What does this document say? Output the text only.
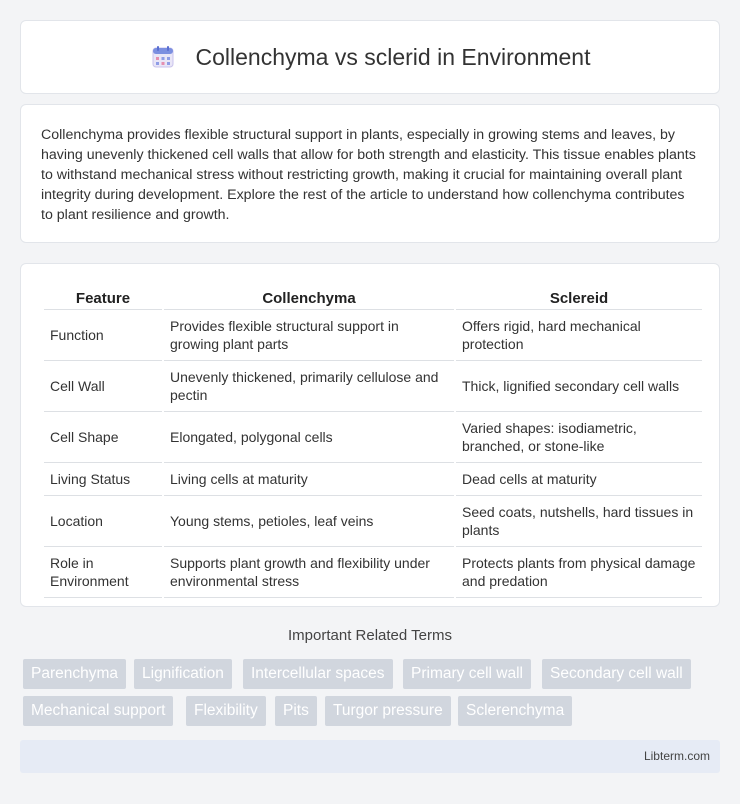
Collenchyma vs sclerid in Environment

Collenchyma provides flexible structural support in plants, especially in growing stems and leaves, by having unevenly thickened cell walls that allow for both strength and elasticity. This tissue enables plants to withstand mechanical stress without restricting growth, making it crucial for maintaining overall plant integrity during development. Explore the rest of the article to understand how collenchyma contributes to plant resilience and growth.

Feature	Collenchyma	Sclereid
Function	Provides flexible structural support in growing plant parts	Offers rigid, hard mechanical protection
Cell Wall	Unevenly thickened, primarily cellulose and pectin	Thick, lignified secondary cell walls
Cell Shape	Elongated, polygonal cells	Varied shapes: isodiametric, branched, or stone-like
Living Status	Living cells at maturity	Dead cells at maturity
Location	Young stems, petioles, leaf veins	Seed coats, nutshells, hard tissues in plants
Role in Environment	Supports plant growth and flexibility under environmental stress	Protects plants from physical damage and predation
Important Related Terms
Parenchyma	Lignification	Intercellular spaces	Primary cell wall	Secondary cell wall
Mechanical support	Flexibility	Pits	Turgor pressure	Sclerenchyma
Libterm.com
